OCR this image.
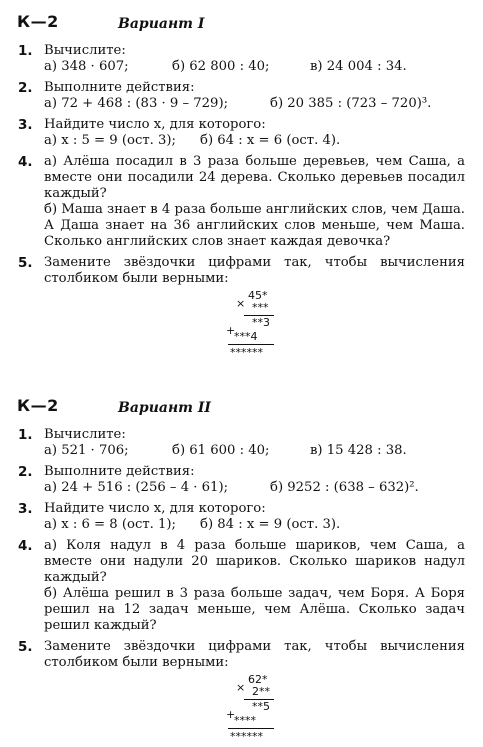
К—2	Вариант I
1. Вычислите:
а) 348 · 607;	б) 62 800 : 40;	в) 24 004 : 34.
2. Выполните действия:
а) 72 + 468 : (83 · 9 – 729);	б) 20 385 : (723 – 720)³.
3. Найдите число x, для которого:
а) x : 5 = 9 (ост. 3); б) 64 : x = 6 (ост. 4).
4. а) Алёша посадил в 3 раза больше деревьев, чем Саша, а вместе они посадили 24 дерева. Сколько деревьев посадил каждый?
б) Маша знает в 4 раза больше английских слов, чем Даша. А Даша знает на 36 английских слов меньше, чем Маша. Сколько английских слов знает каждая девочка?
5. Замените звёздочки цифрами так, чтобы вычисления столбиком были верными:
×
45*
***
**3
+
***4
******
К—2	Вариант II
1. Вычислите:
а) 521 · 706;	б) 61 600 : 40;	в) 15 428 : 38.
2. Выполните действия:
а) 24 + 516 : (256 – 4 · 61);	б) 9252 : (638 – 632)².
3. Найдите число x, для которого:
а) x : 6 = 8 (ост. 1); б) 84 : x = 9 (ост. 3).
4. а) Коля надул в 4 раза больше шариков, чем Саша, а вместе они надули 20 шариков. Сколько шариков надул каждый?
б) Алёша решил в 3 раза больше задач, чем Боря. А Боря решил на 12 задач меньше, чем Алёша. Сколько задач решил каждый?
5. Замените звёздочки цифрами так, чтобы вычисления столбиком были верными:
×
62*
2**
**5
+
****
******
